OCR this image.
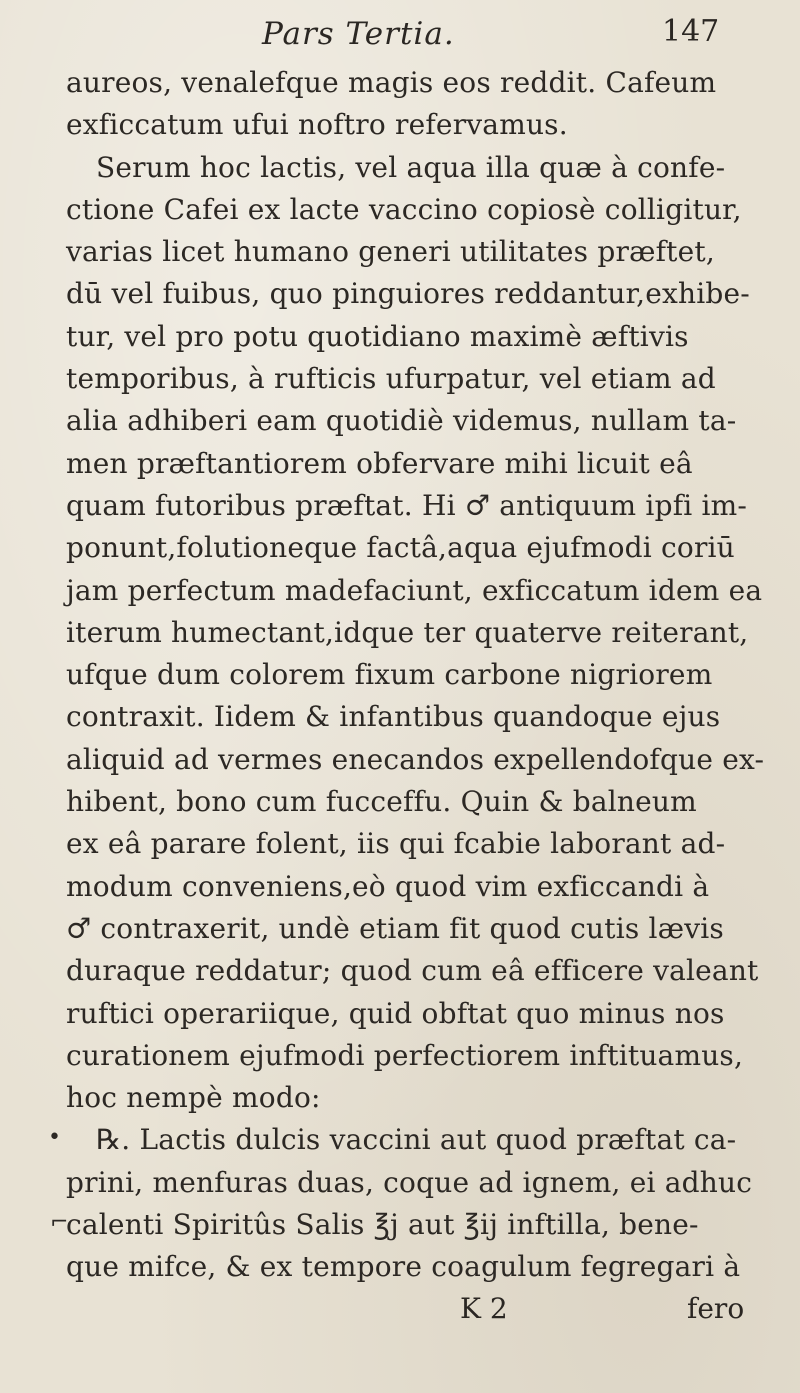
Pars Tertia.	147
aureos, venalefque magis eos reddit. Cafeum
exficcatum ufui noftro refervamus.
Serum hoc lactis, vel aqua illa quæ à confe-
ctione Cafei ex lacte vaccino copiosè colligitur,
varias licet humano generi utilitates præftet,
dū vel fuibus, quo pinguiores reddantur,exhibe-
tur, vel pro potu quotidiano maximè æftivis
temporibus, à rufticis ufurpatur, vel etiam ad
alia adhiberi eam quotidiè videmus, nullam ta-
men præftantiorem obfervare mihi licuit eâ
quam futoribus præftat. Hi ♂ antiquum ipfi im-
ponunt,folutioneque factâ,aqua ejufmodi coriū
jam perfectum madefaciunt, exficcatum idem ea
iterum humectant,idque ter quaterve reiterant,
ufque dum colorem fixum carbone nigriorem
contraxit. Iidem & infantibus quandoque ejus
aliquid ad vermes enecandos expellendofque ex-
hibent, bono cum fucceffu. Quin & balneum
ex eâ parare folent, iis qui fcabie laborant ad-
modum conveniens,eò quod vim exficcandi à
♂ contraxerit, undè etiam fit quod cutis lævis
duraque reddatur; quod cum eâ efficere valeant
ruftici operariique, quid obftat quo minus nos
curationem ejufmodi perfectiorem inftituamus,
hoc nempè modo:
℞. Lactis dulcis vaccini aut quod præftat ca-
prini, menfuras duas, coque ad ignem, ei adhuc
calenti Spiritûs Salis ℥j aut ℥ij inftilla, bene-
que mifce, & ex tempore coagulum fegregari à
K 2	fero
•
⌐
